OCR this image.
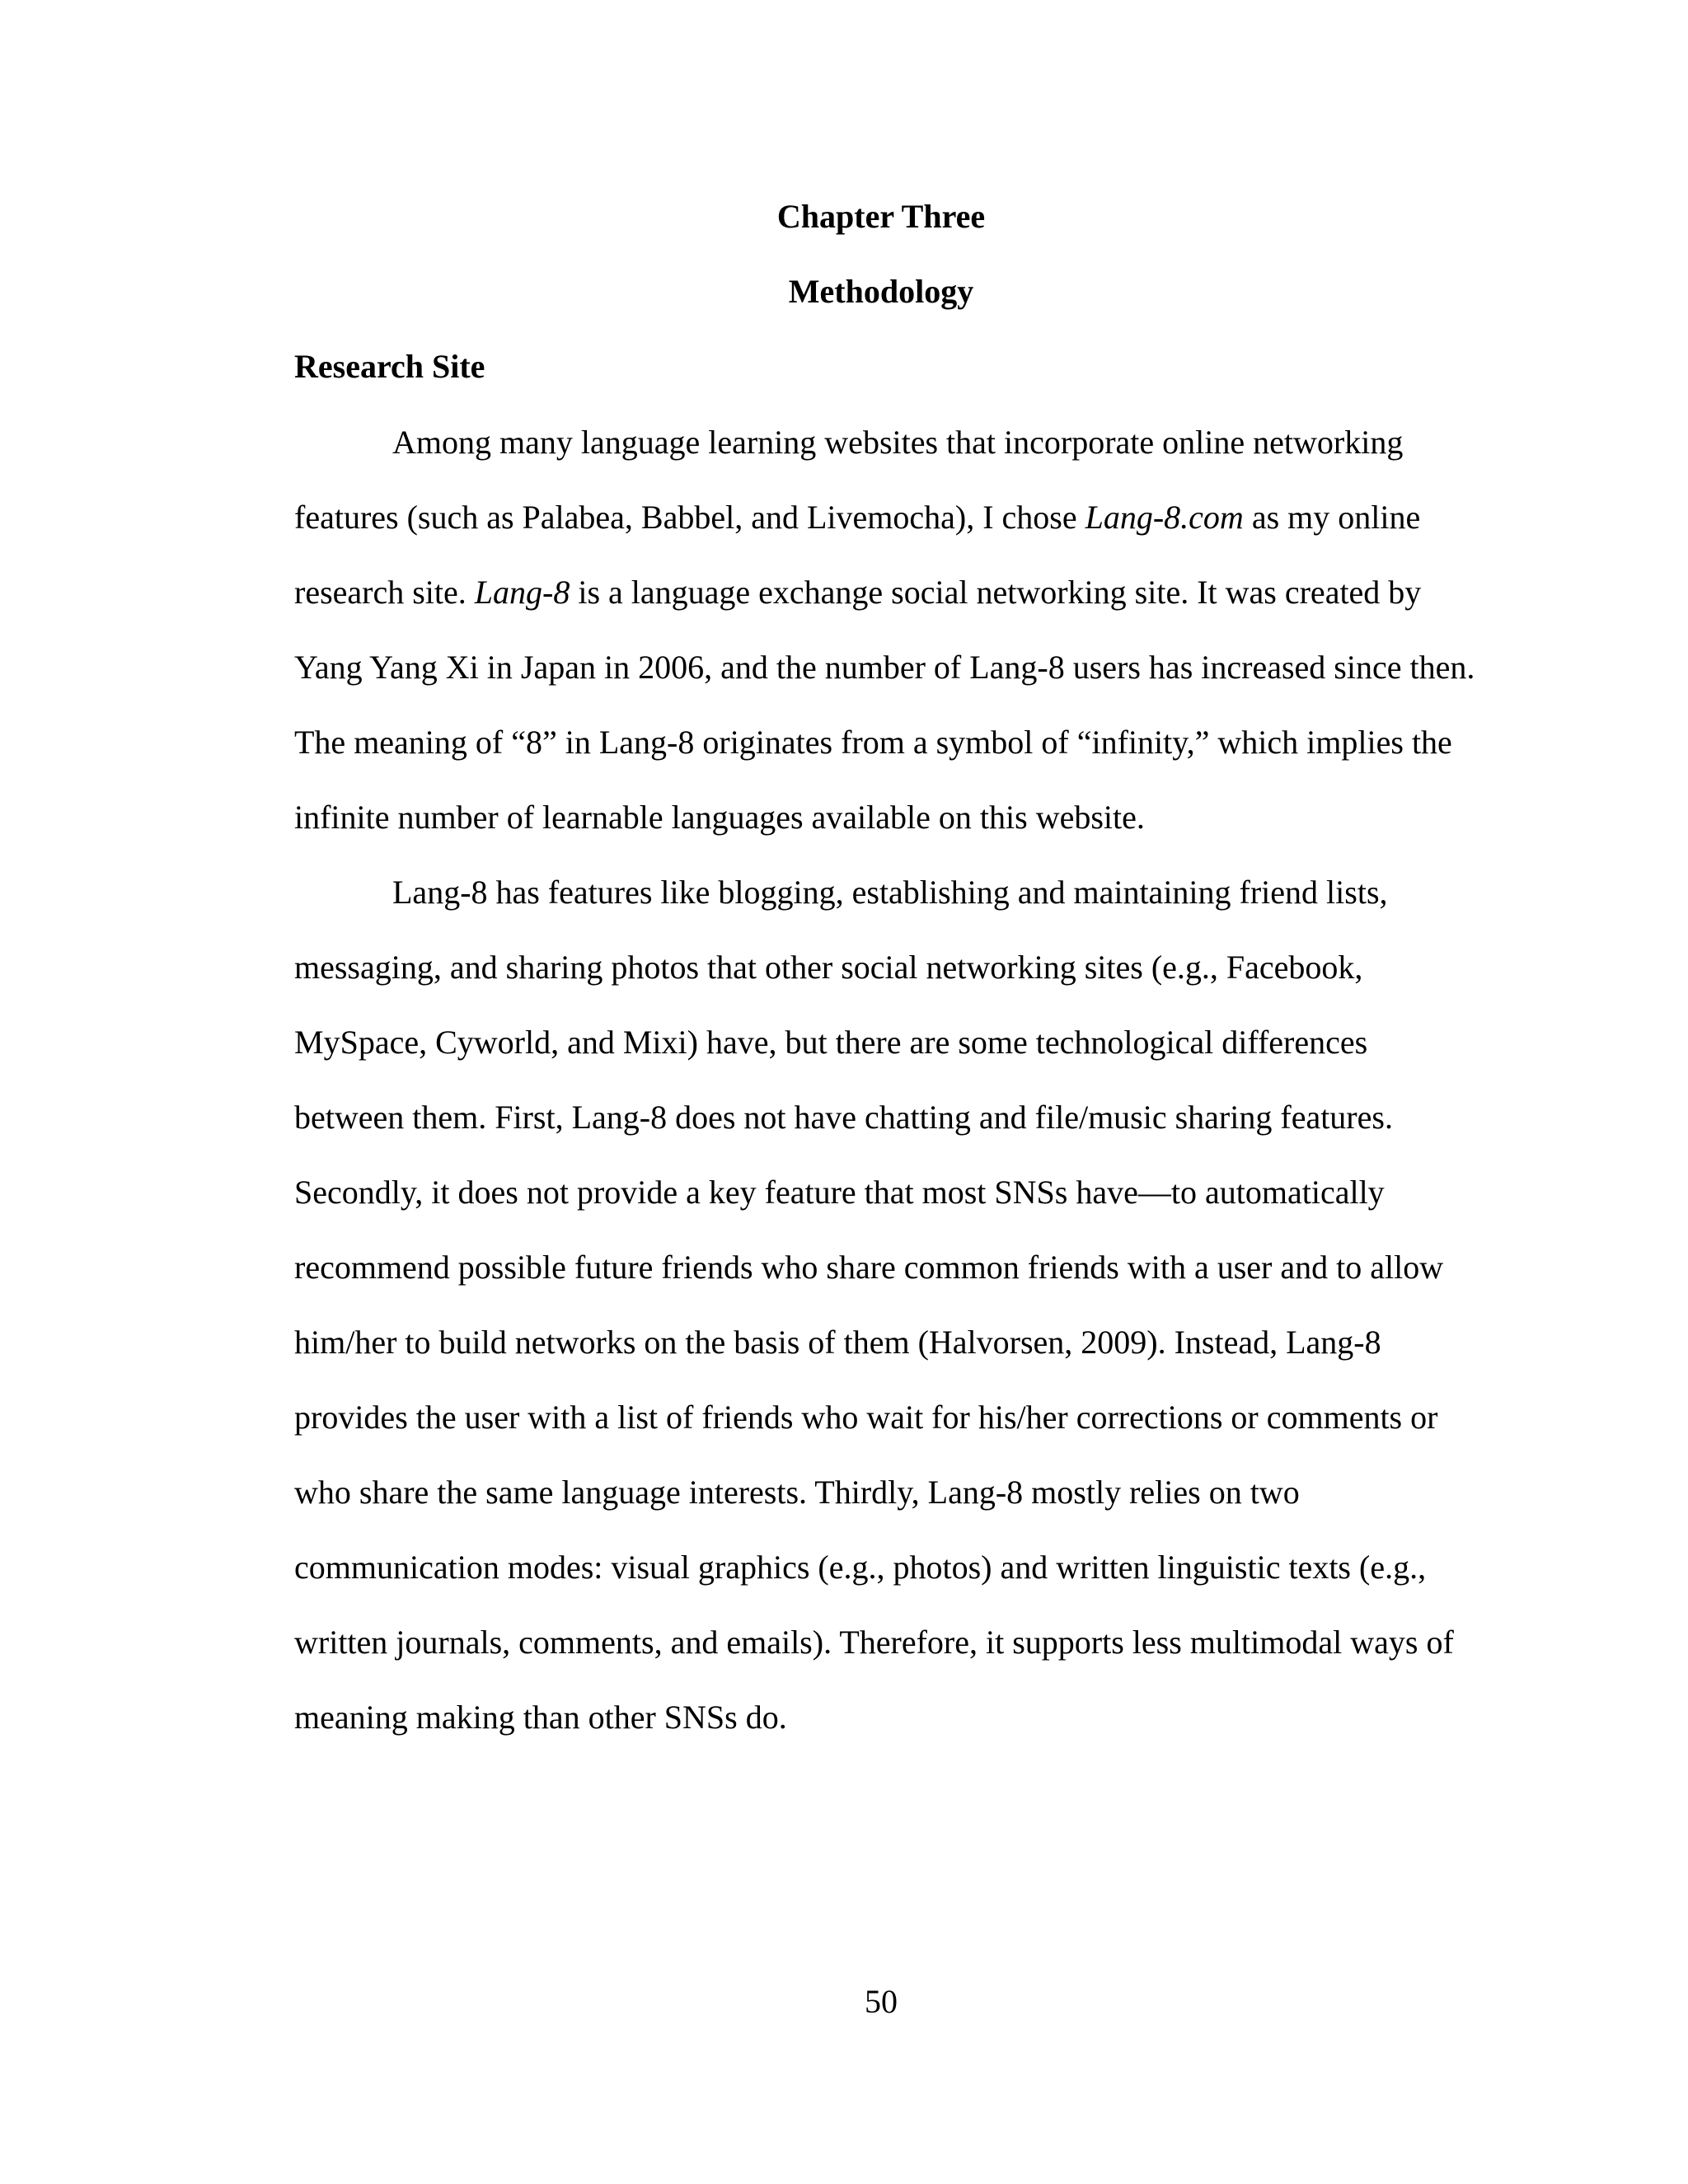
Chapter Three
Methodology
Research Site

Among many language learning websites that incorporate online networking

features (such as Palabea, Babbel, and Livemocha), I chose Lang-8.com as my online

research site. Lang-8 is a language exchange social networking site. It was created by

Yang Yang Xi in Japan in 2006, and the number of Lang-8 users has increased since then.

The meaning of “8” in Lang-8 originates from a symbol of “infinity,” which implies the

infinite number of learnable languages available on this website.

Lang-8 has features like blogging, establishing and maintaining friend lists,

messaging, and sharing photos that other social networking sites (e.g., Facebook,

MySpace, Cyworld, and Mixi) have, but there are some technological differences

between them. First, Lang-8 does not have chatting and file/music sharing features.

Secondly, it does not provide a key feature that most SNSs have—to automatically

recommend possible future friends who share common friends with a user and to allow

him/her to build networks on the basis of them (Halvorsen, 2009). Instead, Lang-8

provides the user with a list of friends who wait for his/her corrections or comments or

who share the same language interests. Thirdly, Lang-8 mostly relies on two

communication modes: visual graphics (e.g., photos) and written linguistic texts (e.g.,

written journals, comments, and emails). Therefore, it supports less multimodal ways of

meaning making than other SNSs do.

50
